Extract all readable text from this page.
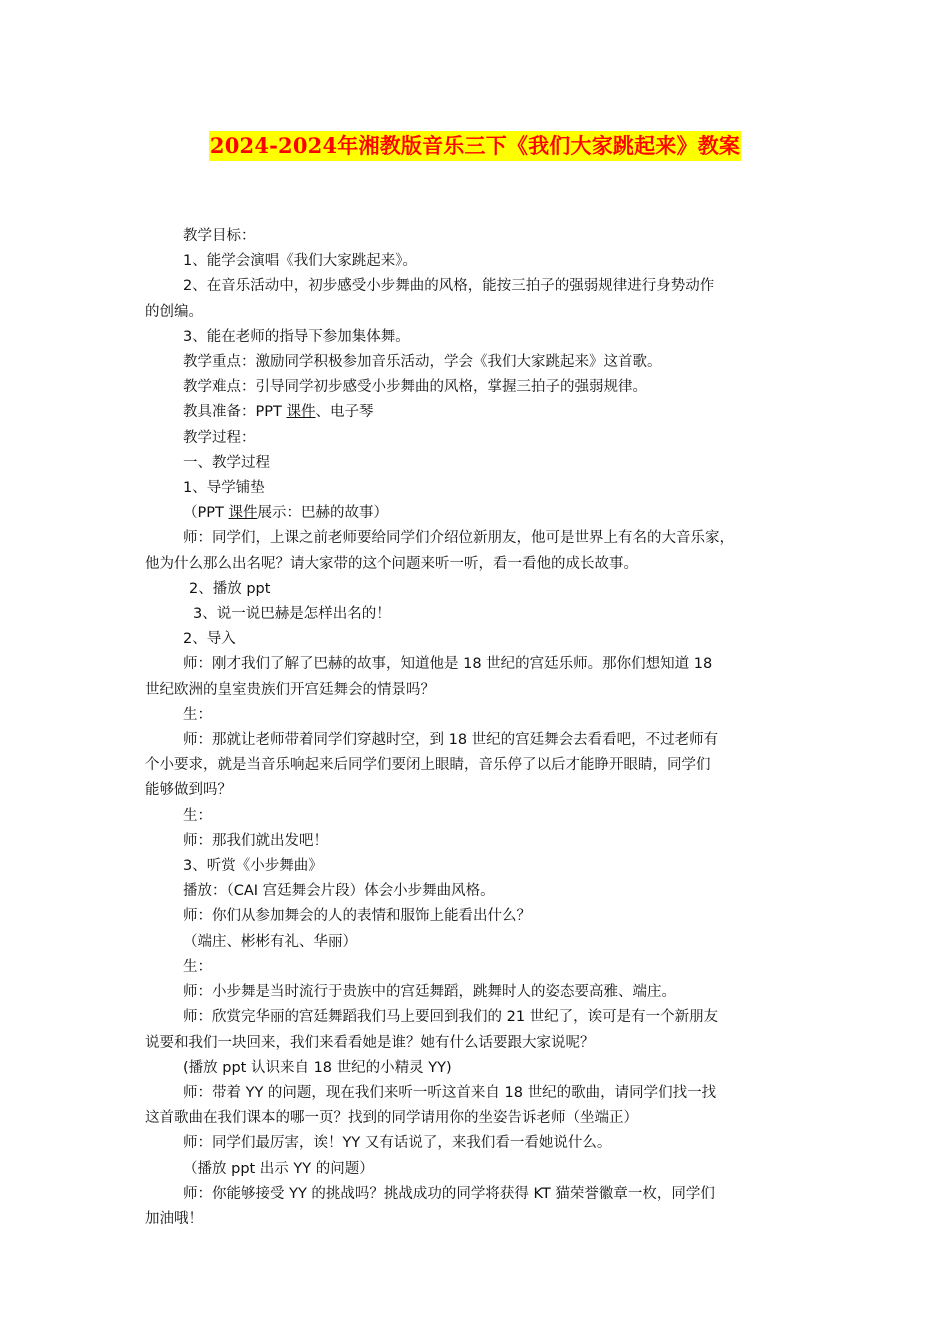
2024-2024年湘教版音乐三下《我们大家跳起来》教案

教学目标：

1、能学会演唱《我们大家跳起来》。

2、在音乐活动中，初步感受小步舞曲的风格，能按三拍子的强弱规律进行身势动作

的创编。

3、能在老师的指导下参加集体舞。

教学重点：激励同学积极参加音乐活动，学会《我们大家跳起来》这首歌。

教学难点：引导同学初步感受小步舞曲的风格，掌握三拍子的强弱规律。

教具准备：PPT 课件、电子琴

教学过程：

一、教学过程

1、导学铺垫

（PPT 课件展示：巴赫的故事）

师：同学们，上课之前老师要给同学们介绍位新朋友，他可是世界上有名的大音乐家，

他为什么那么出名呢？请大家带的这个问题来听一听，看一看他的成长故事。

2、播放 ppt

3、说一说巴赫是怎样出名的！

2、导入

师：刚才我们了解了巴赫的故事，知道他是 18 世纪的宫廷乐师。那你们想知道 18

世纪欧洲的皇室贵族们开宫廷舞会的情景吗？

生：

师：那就让老师带着同学们穿越时空，到 18 世纪的宫廷舞会去看看吧，不过老师有

个小要求，就是当音乐响起来后同学们要闭上眼睛，音乐停了以后才能睁开眼睛，同学们

能够做到吗？

生：

师：那我们就出发吧！

3、听赏《小步舞曲》

播放：（CAI 宫廷舞会片段）体会小步舞曲风格。

师：你们从参加舞会的人的表情和服饰上能看出什么？

（端庄、彬彬有礼、华丽）

生：

师：小步舞是当时流行于贵族中的宫廷舞蹈，跳舞时人的姿态要高雅、端庄。

师：欣赏完华丽的宫廷舞蹈我们马上要回到我们的 21 世纪了，诶可是有一个新朋友

说要和我们一块回来，我们来看看她是谁？她有什么话要跟大家说呢？

(播放 ppt 认识来自 18 世纪的小精灵 YY)

师：带着 YY 的问题，现在我们来听一听这首来自 18 世纪的歌曲，请同学们找一找

这首歌曲在我们课本的哪一页？找到的同学请用你的坐姿告诉老师（坐端正）

师：同学们最厉害，诶！YY 又有话说了，来我们看一看她说什么。

（播放 ppt 出示 YY 的问题）

师：你能够接受 YY 的挑战吗？挑战成功的同学将获得 KT 猫荣誉徽章一枚，同学们

加油哦！
